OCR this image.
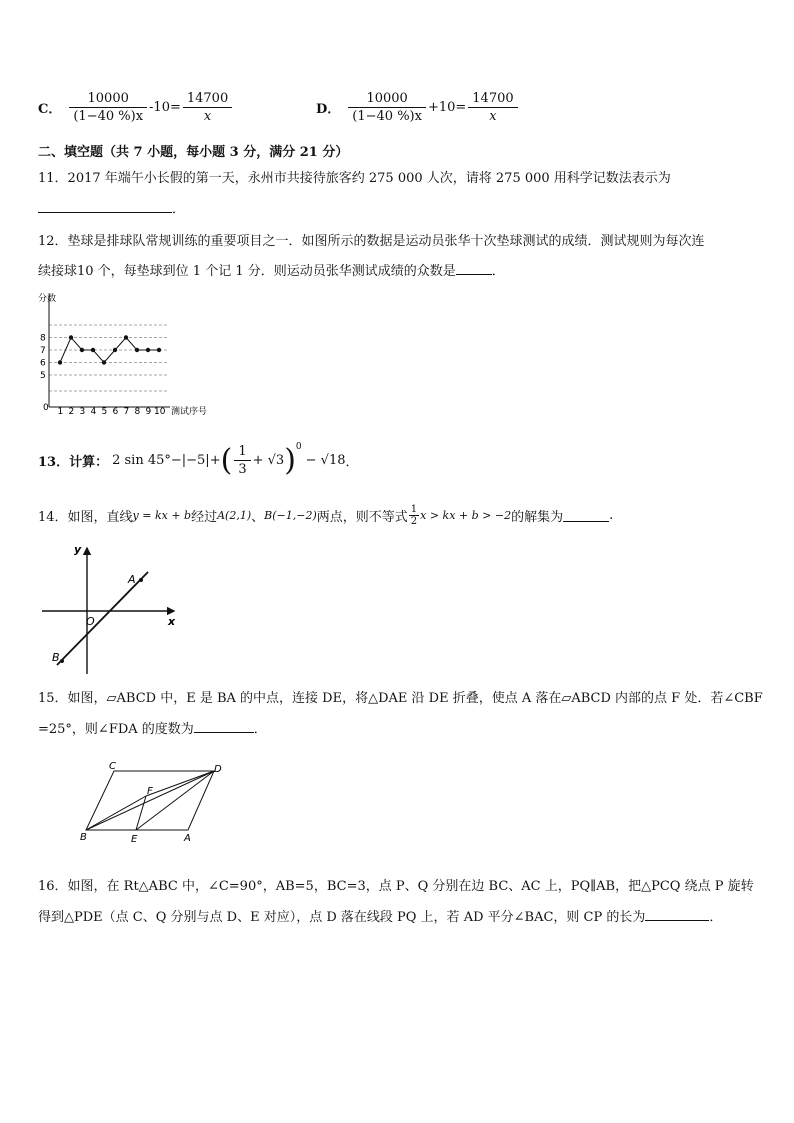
C． $\frac{10000}{(1-40 \%)x} -10= \frac{14700}{x}$	D． $\frac{10000}{(1-40 \%)x} +10= \frac{14700}{x}$
二、填空题（共 7 小题，每小题 3 分，满分 21 分）
11．2017 年端午小长假的第一天，永州市共接待旅客约 275 000 人次，请将 275 000 用科学记数法表示为
．
12．垫球是排球队常规训练的重要项目之一．如图所示的数据是运动员张华十次垫球测试的成绩．测试规则为每次连
续接球10 个，每垫球到位 1 个记 1 分．则运动员张华测试成绩的众数是	．
分数
测试序号
0
5
6
7
8
1 2 3 4 5 6 7 8 9 10
13．计算： 2 sin 45°−|−5|+ ( $\frac{1}{3} + √3$ ) 0
− √18 ．
14．如图，直线 y = kx + b 经过 A(2,1) 、 B(−1,−2) 两点，则不等式 $\frac{1}{2}$ x > kx + b > −2 的解集为	.
y
x
O
A
B
15．如图，▱ABCD 中，E 是 BA 的中点，连接 DE，将△DAE 沿 DE 折叠，使点 A 落在▱ABCD 内部的点 F 处．若∠CBF
=25°，则∠FDA 的度数为	．
C	D
F
B	E	A
16．如图，在 Rt△ABC 中，∠C=90°，AB=5，BC=3，点 P、Q 分别在边 BC、AC 上，PQ∥AB，把△PCQ 绕点 P 旋转
得到△PDE（点 C、Q 分别与点 D、E 对应），点 D 落在线段 PQ 上，若 AD 平分∠BAC，则 CP 的长为	．
